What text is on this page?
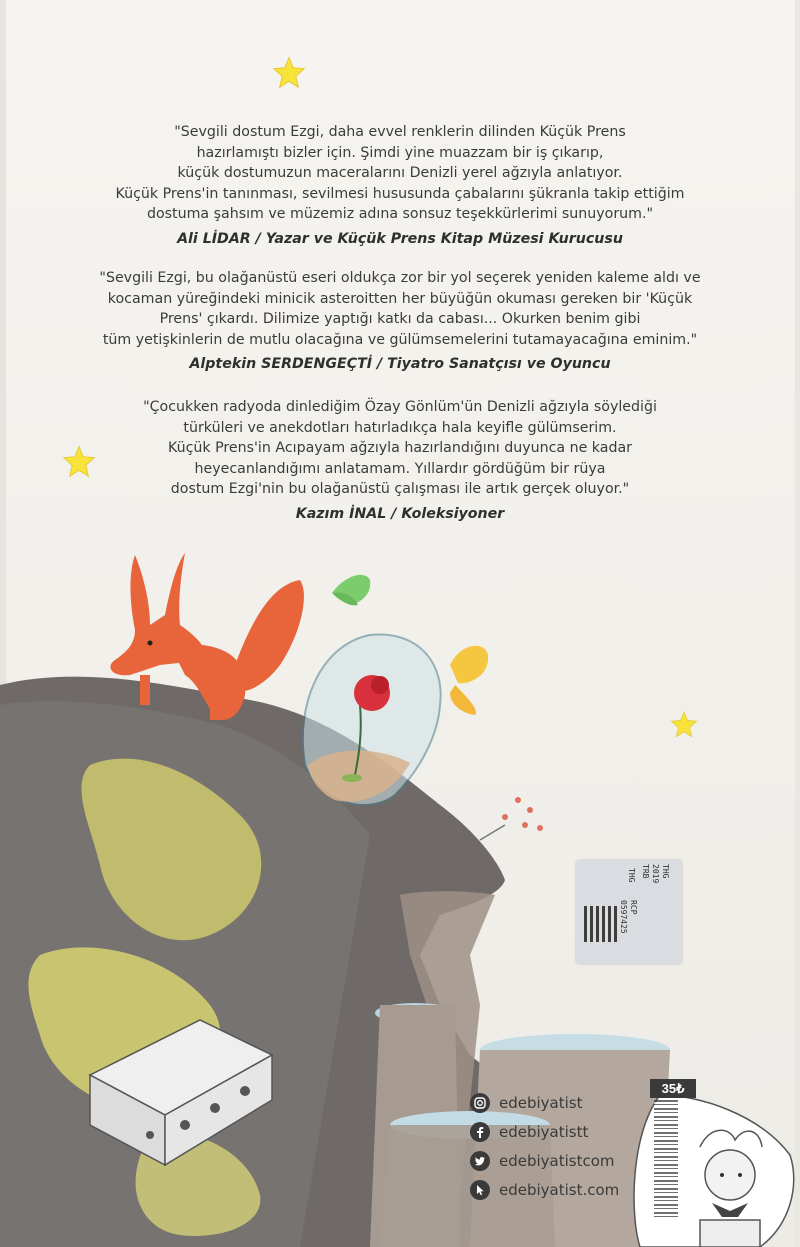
"Sevgili dostum Ezgi, daha evvel renklerin dilinden Küçük Prens
hazırlamıştı bizler için. Şimdi yine muazzam bir iş çıkarıp,
küçük dostumuzun maceralarını Denizli yerel ağzıyla anlatıyor.
Küçük Prens'in tanınması, sevilmesi hususunda çabalarını şükranla takip ettiğim
dostuma şahsım ve müzemiz adına sonsuz teşekkürlerimi sunuyorum."

Ali LİDAR / Yazar ve Küçük Prens Kitap Müzesi Kurucusu

"Sevgili Ezgi, bu olağanüstü eseri oldukça zor bir yol seçerek yeniden kaleme aldı ve
kocaman yüreğindeki minicik asteroitten her büyüğün okuması gereken bir 'Küçük
Prens' çıkardı. Dilimize yaptığı katkı da cabası... Okurken benim gibi
tüm yetişkinlerin de mutlu olacağına ve gülümsemelerini tutamayacağına eminim."

Alptekin SERDENGEÇTİ / Tiyatro Sanatçısı ve Oyuncu

"Çocukken radyoda dinlediğim Özay Gönlüm'ün Denizli ağzıyla söylediği
türküleri ve anekdotları hatırladıkça hala keyifle gülümserim.
Küçük Prens'in Acıpayam ağzıyla hazırlandığını duyunca ne kadar
heyecanlandığımı anlatamam. Yıllardır gördüğüm bir rüya
dostum Ezgi'nin bu olağanüstü çalışması ile artık gerçek oluyor."

Kazım İNAL / Koleksiyoner

THG
0597425 RCP
TRB 2019 THG
35₺
edebiyatist
edebiyatistt
edebiyatistcom
edebiyatist.com
